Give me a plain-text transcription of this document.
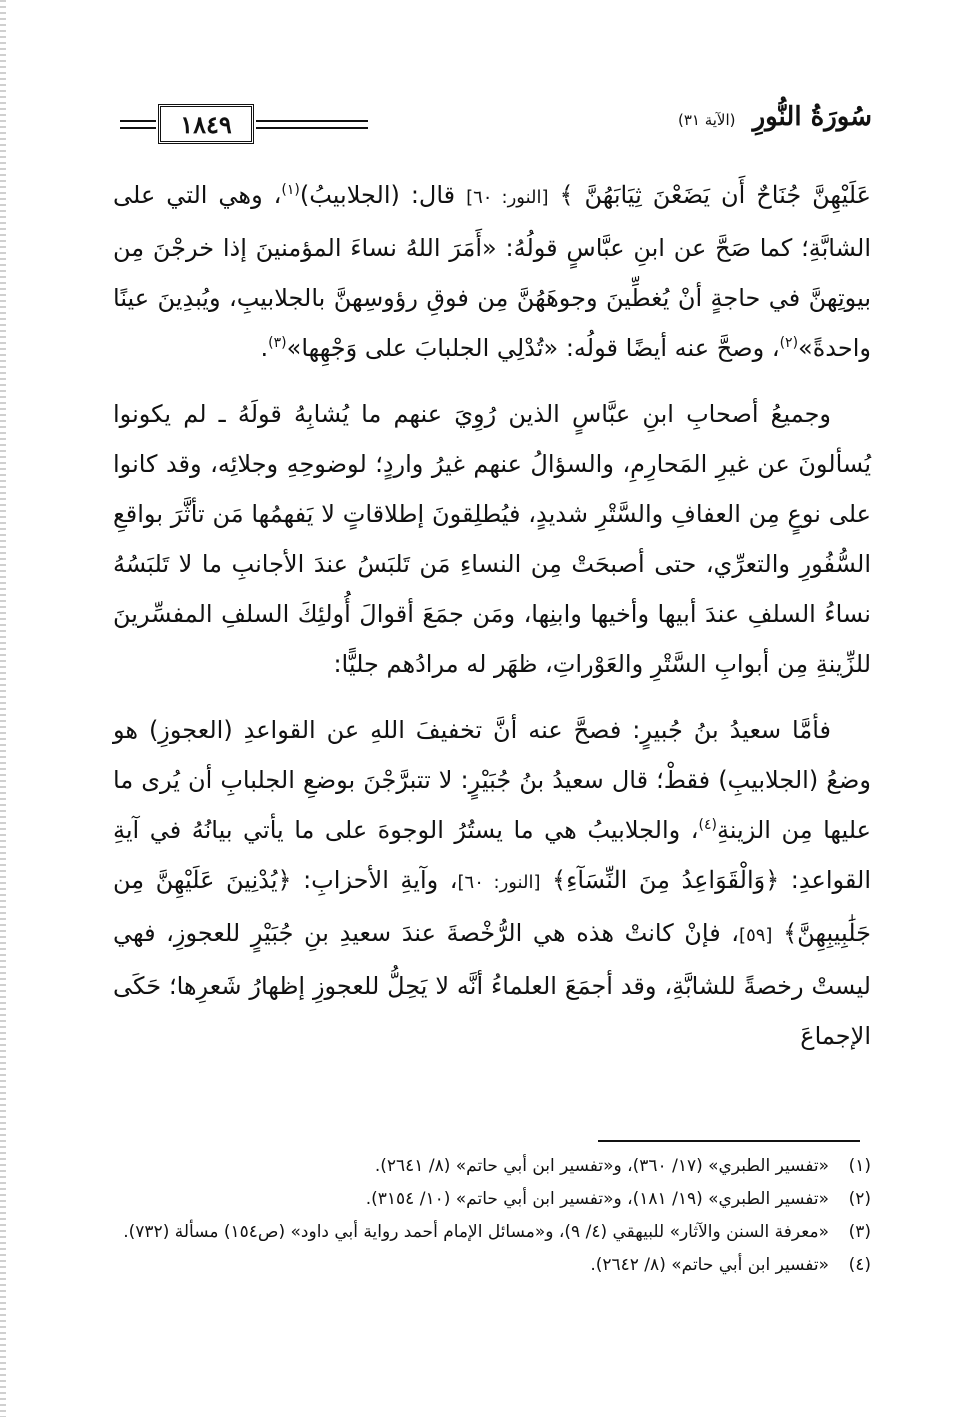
١٨٤٩	سُورَةُ النُّورِ (الآية ٣١)

عَلَيْهِنَّ جُنَاحٌ أَن يَضَعْنَ ثِيَابَهُنَّ ﴾ [النور: ٦٠] قال: (الجلابيبُ)$^{(١)}$، وهي التي على الشابَّةِ؛ كما صَحَّ عن ابنِ عبَّاسٍ قولُهُ: «أَمَرَ اللهُ نساءَ المؤمنينَ إذا خرجْنَ مِن بيوتِهنَّ في حاجةٍ أنْ يُغطِّينَ وجوهَهُنَّ مِن فوقِ رؤوسِهنَّ بالجلابيبِ، ويُبدِينَ عينًا واحدةً»$^{(٢)}$، وصحَّ عنه أيضًا قولُه: «تُدْلِي الجلبابَ على وَجْهِها»$^{(٣)}$.

وجميعُ أصحابِ ابنِ عبَّاسٍ الذين رُوِيَ عنهم ما يُشابِهُ قولَهُ ـ لم يكونوا يُسألونَ عن غيرِ المَحارِمِ، والسؤالُ عنهم غيرُ واردٍ؛ لوضوحِهِ وجلائِه، وقد كانوا على نوعٍ مِن العفافِ والسَّتْرِ شديدٍ، فيُطلِقونَ إطلاقاتٍ لا يَفهمُها مَن تأثَّرَ بواقعِ السُّفُورِ والتعرِّي، حتى أصبحَتْ مِن النساءِ مَن تَلبَسُ عندَ الأجانبِ ما لا تَلبَسُهُ نساءُ السلفِ عندَ أبيها وأخيها وابنِها، ومَن جمَعَ أقوالَ أُولئِكَ السلفِ المفسِّرينَ للزِّينةِ مِن أبوابِ السَّتْرِ والعَوْراتِ، ظهَر له مرادُهم جليًّا:

فأمَّا سعيدُ بنُ جُبيرٍ: فصحَّ عنه أنَّ تخفيفَ اللهِ عن القواعدِ (العجوزِ) هو وضعُ (الجلابيبِ) فقطْ؛ قال سعيدُ بنُ جُبَيْرٍ: لا تتبرَّجْنَ بوضعِ الجلبابِ أن يُرى ما عليها مِن الزينةِ$^{(٤)}$، والجلابيبُ هي ما يستُرُ الوجوهَ على ما يأتي بيانُهُ في آيةِ القواعدِ: ﴿وَالْقَوَاعِدُ مِنَ النِّسَآءِ﴾ [النور: ٦٠]، وآيةِ الأحزابِ: ﴿يُدْنِينَ عَلَيْهِنَّ مِن جَلَٰبِيبِهِنَّ﴾ [٥٩]، فإنْ كانتْ هذه هي الرُّخْصةَ عندَ سعيدِ بنِ جُبَيْرٍ للعجوزِ، فهي ليستْ رخصةً للشابَّةِ، وقد أجمَعَ العلماءُ أنَّه لا يَحِلُّ للعجوزِ إظهارُ شَعرِها؛ حَكَى الإجماعَ

(١)
«تفسير الطبري» (١٧/ ٣٦٠)، و«تفسير ابن أبي حاتم» (٨/ ٢٦٤١).
(٢)
«تفسير الطبري» (١٩/ ١٨١)، و«تفسير ابن أبي حاتم» (١٠/ ٣١٥٤).
(٣)
«معرفة السنن والآثار» للبيهقي (٤/ ٩)، و«مسائل الإمام أحمد رواية أبي داود» (ص١٥٤) مسألة (٧٣٢).
(٤)
«تفسير ابن أبي حاتم» (٨/ ٢٦٤٢).
